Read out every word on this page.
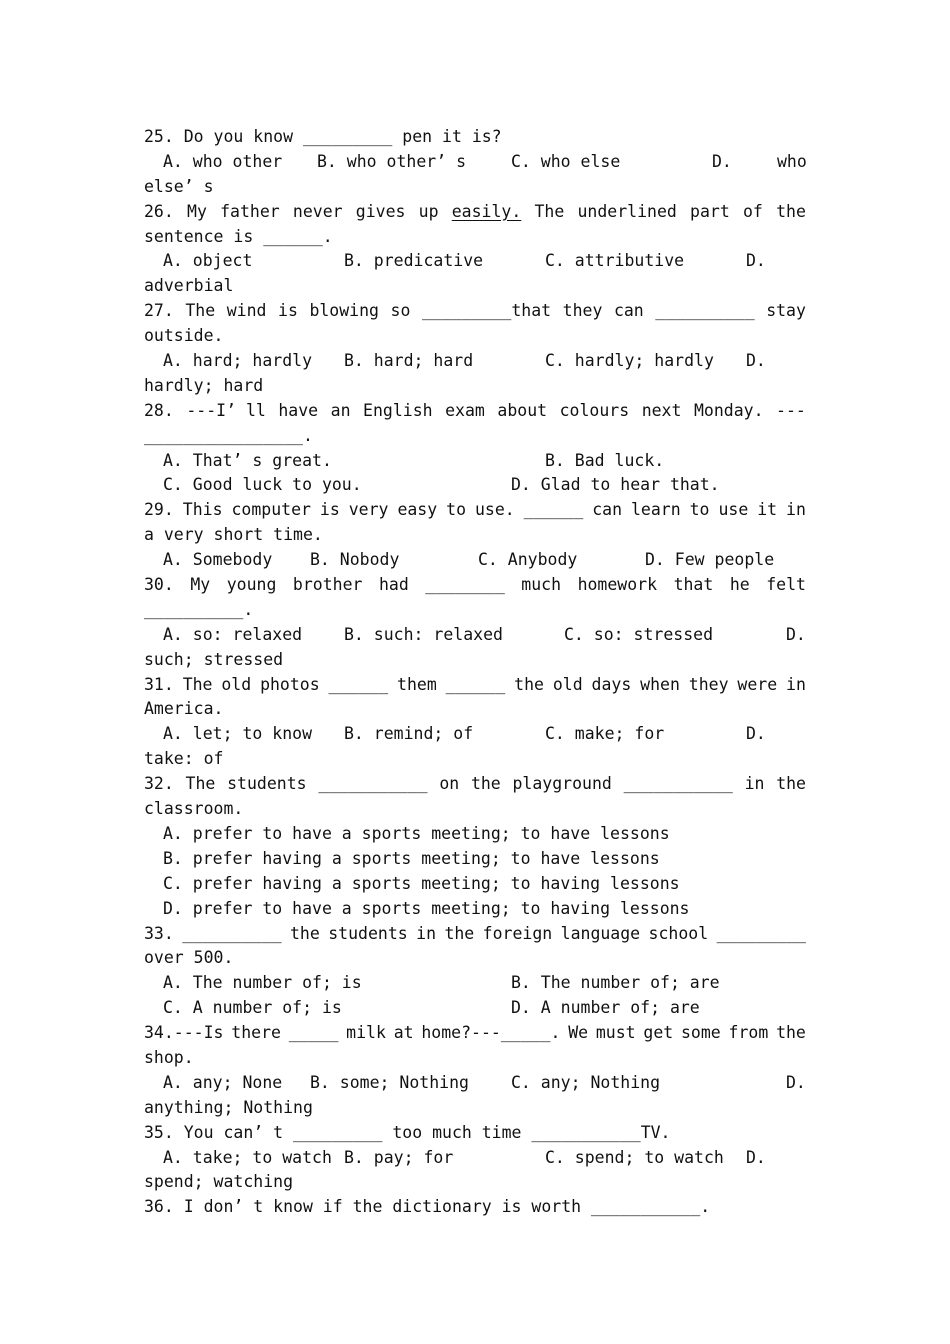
25. Do you know _________ pen it is?

A. who other

B. who other’ s

	C. who else

	D.

	who

else’ s
26. My father never gives up easily. The underlined part of the
sentence is ______.

A. object

	B. predicative

	C. attributive

	D.

adverbial
27. The wind is blowing so _________that they can __________ stay
outside.

A. hard; hardly

B. hard; hard

	C. hardly; hardly

D.

hardly; hard
28. ---I’ ll have an English exam about colours next Monday. ---
________________.

A. That’ s great.

	B. Bad luck.

C. Good luck to you.

	D. Glad to hear that.

29. This computer is very easy to use. ______ can learn to use it in
a very short time.

A. Somebody

B. Nobody

	C. Anybody

	D. Few people

30. My young brother had ________ much homework that he felt
__________.

A. so: relaxed

	B. such: relaxed

	C. so: stressed

	D.

such; stressed
31. The old photos ______ them ______ the old days when they were in
America.

A. let; to know

B. remind; of

	C. make; for

	D.

take: of
32. The students ___________ on the playground ___________ in the
classroom.
A. prefer to have a sports meeting; to have lessons
B. prefer having a sports meeting; to have lessons
C. prefer having a sports meeting; to having lessons
D. prefer to have a sports meeting; to having lessons
33. __________ the students in the foreign language school _________
over 500.

A. The number of; is

	B. The number of; are

C. A number of; is

	D. A number of; are

34.---Is there _____ milk at home?---_____. We must get some from the
shop.

A. any; None

B. some; Nothing

	C. any; Nothing

	D.

anything; Nothing
35. You can’ t _________ too much time ___________TV.

A. take; to watch

B. pay; for

	C. spend; to watch

D.

spend; watching
36. I don’ t know if the dictionary is worth ___________.
